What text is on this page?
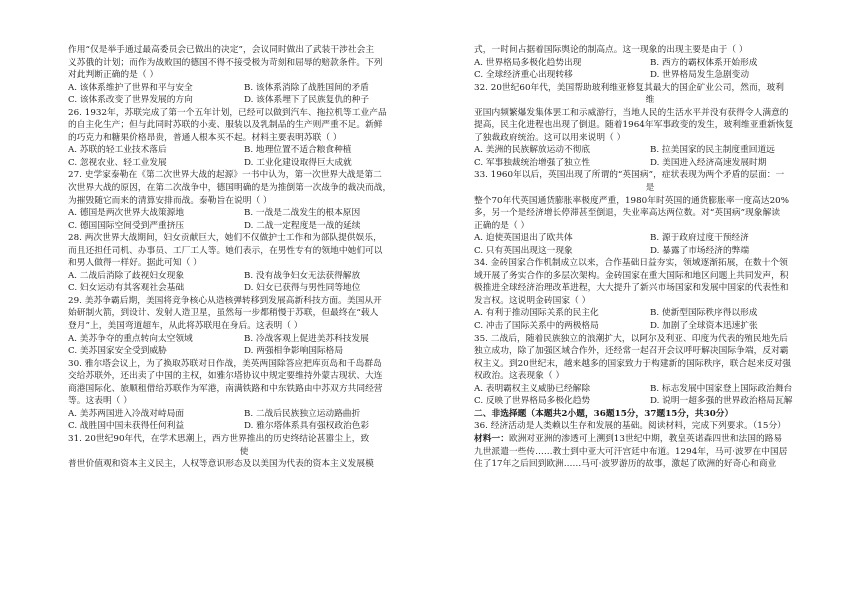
作用“仅是举手通过最高委员会已做出的决定”，会议同时做出了武装干涉社会主
义苏俄的计划；而作为战败国的德国不得不接受极为苛刻和屈辱的赔款条件。下列
对此判断正确的是（ ）
A. 该体系维护了世界和平与安全	B. 该体系消除了战胜国间的矛盾
C. 该体系改变了世界发展的方向	D. 该体系埋下了民族复仇的种子
26. 1932年，苏联完成了第一个五年计划，已经可以做到汽车、拖拉机等工业产品
的自主化生产；但与此同时苏联的小麦、服装以及乳制品的生产则严重不足。新鲜
的巧克力和糖果价格昂贵，普通人根本买不起。材料主要表明苏联（ ）
A. 苏联的轻工业技术落后	B. 地理位置不适合粮食种植
C. 忽视农业、轻工业发展	D. 工业化建设取得巨大成就
27. 史学家泰勒在《第二次世界大战的起源》一书中认为，第一次世界大战是第二
次世界大战的原因，在第二次战争中，德国明确的是为推倒第一次战争的裁决而战，
为摧毁随它而来的清算安排而战。泰勒旨在说明（ ）
A. 德国是两次世界大战策源地	B. 一战是二战发生的根本原因
C. 德国国际空间受到严重挤压	D. 二战一定程度是一战的延续
28. 两次世界大战期间，妇女贡献巨大，她们不仅做护士工作和为部队提供娱乐，
而且还担任司机、办事员、工厂工人等。她们表示，在男性专有的领地中她们可以
和男人做得一样好。据此可知（ ）
A. 二战后消除了歧视妇女现象	B. 没有战争妇女无法获得解放
C. 妇女运动有其客观社会基础	D. 妇女已获得与男性同等地位
29. 美苏争霸后期，美国将竞争核心从造核弹转移到发展高新科技方面。美国从开
始研制火箭，到设计、发射人造卫星，虽然每一步都稍慢于苏联，但最终在“载人
登月”上，美国弯道超车，从此将苏联甩在身后。这表明（ ）
A. 美苏争夺的重点转向太空领域	B. 冷战客观上促进美苏科技发展
C. 美苏国家安全受到威胁	D. 两强相争影响国际格局
30. 雅尔塔会议上，为了换取苏联对日作战，美英两国除答应把库页岛和千岛群岛
交给苏联外，还出卖了中国的主权，如雅尔塔协议中规定要维持外蒙古现状、大连
商港国际化、旅顺租借给苏联作为军港，南满铁路和中东铁路由中苏双方共同经营
等。这表明（ ）
A. 美苏两国进入冷战对峙局面	B. 二战后民族独立运动路曲折
C. 战胜国中国未获得任何利益	D. 雅尔塔体系具有强权政治色彩
31. 20世纪90年代，在学术思潮上，西方世界推出的历史终结论甚嚣尘上，致
使
普世价值观和资本主义民主，人权等意识形态及以美国为代表的资本主义发展模
式，一时间占据着国际舆论的制高点。这一现象的出现主要是由于（ ）
A. 世界格局多极化趋势出现	B. 西方的霸权体系开始形成
C. 全球经济重心出现转移	D. 世界格局发生急剧变动
32. 20世纪60年代，美国帮助玻利维亚修复其最大的国企矿业公司，然而，玻利
维
亚国内频繁爆发集体罢工和示威游行，当地人民的生活水平并没有获得令人满意的
提高，民主化进程也出现了倒退。随着1964年军事政变的发生，玻利维亚重新恢复
了独裁政府统治。这可以用来说明（ ）
A. 美洲的民族解放运动不彻底	B. 拉美国家的民主制度重回道远
C. 军事独裁统治增强了独立性	D. 美国进入经济高速发展时期
33. 1960年以后，英国出现了所谓的“英国病”，症状表现为两个矛盾的层面：一
是
整个70年代英国通货膨胀率极度严重，1980年时英国的通货膨胀率一度高达20%
多，另一个是经济增长停滞甚至倒退，失业率高达两位数。对“英国病”现象解读
正确的是（ ）
A. 迫使英国退出了欧共体	B. 源于政府过度干预经济
C. 只有英国出现这一现象	D. 暴露了市场经济的弊端
34. 金砖国家合作机制成立以来，合作基础日益夯实，领域逐渐拓展，在数十个领
域开展了务实合作的多层次架构。金砖国家在重大国际和地区问题上共同发声，积
极推进全球经济治理改革进程，大大提升了新兴市场国家和发展中国家的代表性和
发言权。这说明金砖国家（ ）
A. 有利于推动国际关系的民主化	B. 使新型国际秩序得以形成
C. 冲击了国际关系中的两极格局	D. 加剧了全球资本迅速扩张
35. 二战后，随着民族独立的浪潮扩大，以阿尔及利亚、印度为代表的殖民地先后
独立成功，除了加强区域合作外，还经常一起召开会议呼吁解决国际争端，反对霸
权主义。到20世纪末，越来越多的国家致力于构建新的国际秩序，联合起来反对强
权政治。这表现象（ ）
A. 表明霸权主义威胁已经解除	B. 标志发展中国家登上国际政治舞台
C. 反映了世界格局多极化趋势	D. 说明一超多强的世界政治格局瓦解
二、非选择题（本题共2小题，36题15分，37题15分，共30分）
36. 经济活动是人类赖以生存和发展的基础。阅读材料，完成下列要求。（15分）
材料一：欧洲对亚洲的渗透可上溯到13世纪中期，教皇英诺森四世和法国的路易
九世派遣一些传……教士到中亚大可汗宫廷中布道。1294年，马可·波罗在中国居
住了17年之后回到欧洲……马可·波罗游历的故事，激起了欧洲的好奇心和商业
